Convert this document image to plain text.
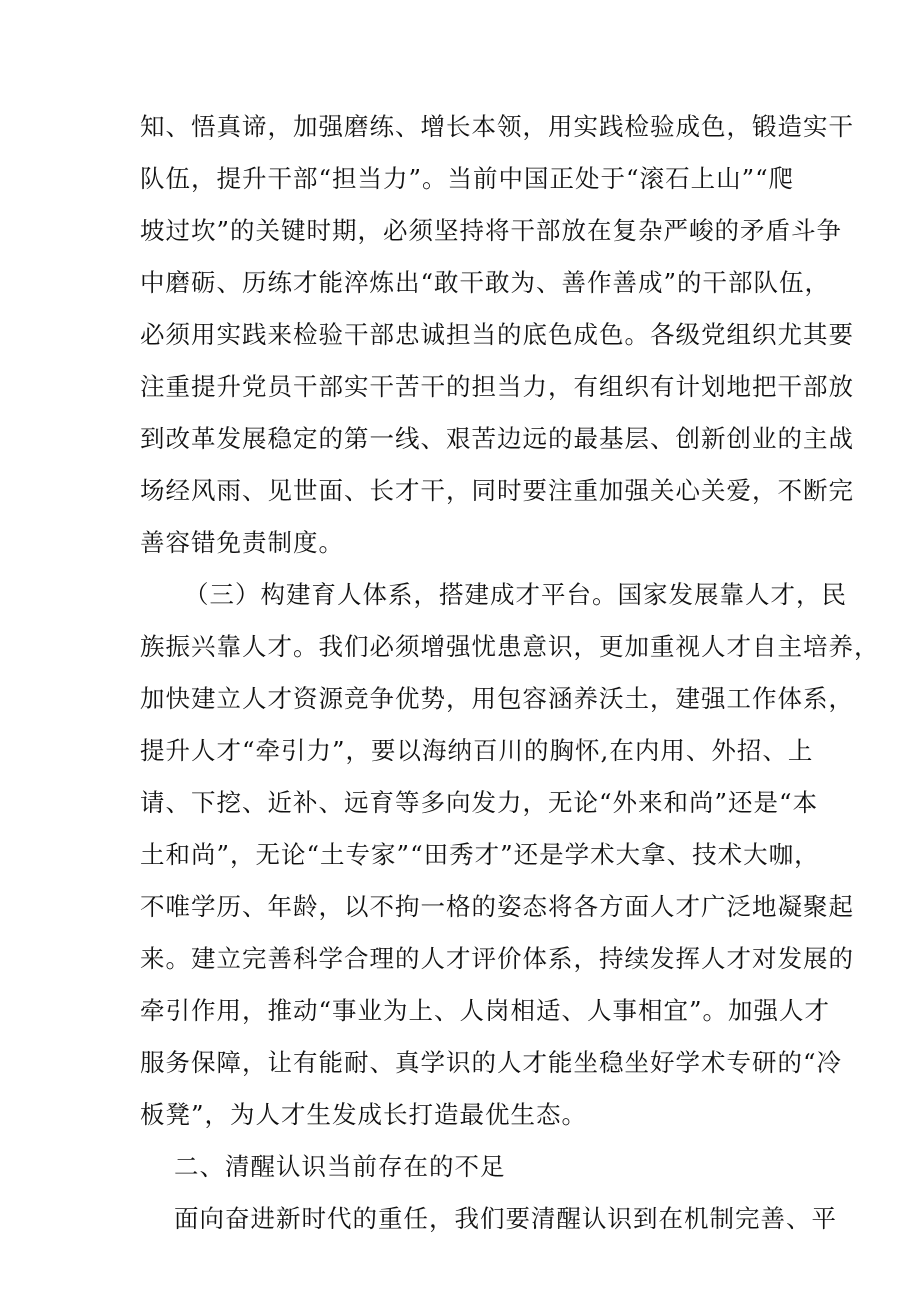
知、悟真谛，加强磨练、增长本领，用实践检验成色，锻造实干
队伍，提升干部“担当力”。当前中国正处于“滚石上山”“爬
坡过坎”的关键时期，必须坚持将干部放在复杂严峻的矛盾斗争
中磨砺、历练才能淬炼出“敢干敢为、善作善成”的干部队伍，
必须用实践来检验干部忠诚担当的底色成色。各级党组织尤其要
注重提升党员干部实干苦干的担当力，有组织有计划地把干部放
到改革发展稳定的第一线、艰苦边远的最基层、创新创业的主战
场经风雨、见世面、长才干，同时要注重加强关心关爱，不断完
善容错免责制度。
（三）构建育人体系，搭建成才平台。国家发展靠人才，民
族振兴靠人才。我们必须增强忧患意识，更加重视人才自主培养，
加快建立人才资源竞争优势，用包容涵养沃土，建强工作体系，
提升人才“牵引力”，要以海纳百川的胸怀,在内用、外招、上
请、下挖、近补、远育等多向发力，无论“外来和尚”还是“本
土和尚”，无论“土专家”“田秀才”还是学术大拿、技术大咖，
不唯学历、年龄，以不拘一格的姿态将各方面人才广泛地凝聚起
来。建立完善科学合理的人才评价体系，持续发挥人才对发展的
牵引作用，推动“事业为上、人岗相适、人事相宜”。加强人才
服务保障，让有能耐、真学识的人才能坐稳坐好学术专研的“冷
板凳”，为人才生发成长打造最优生态。
二、清醒认识当前存在的不足
面向奋进新时代的重任，我们要清醒认识到在机制完善、平
